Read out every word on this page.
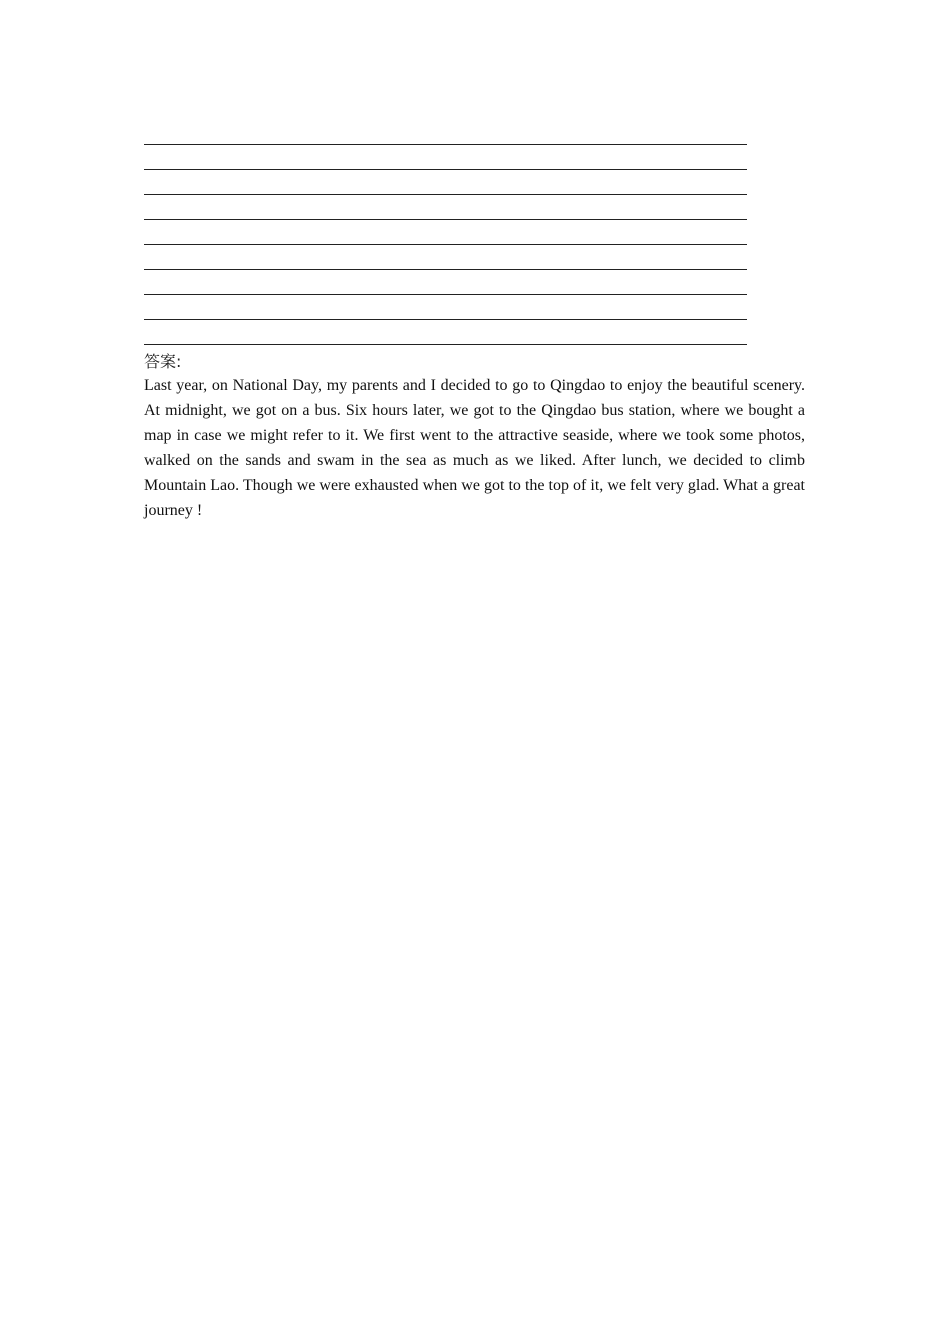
答案:

Last year, on National Day, my parents and I decided to go to Qingdao to enjoy the beautiful scenery. At midnight, we got on a bus. Six hours later, we got to the Qingdao bus station, where we bought a map in case we might refer to it. We first went to the attractive seaside, where we took some photos, walked on the sands and swam in the sea as much as we liked. After lunch, we decided to climb Mountain Lao. Though we were exhausted when we got to the top of it, we felt very glad. What a great journey !
